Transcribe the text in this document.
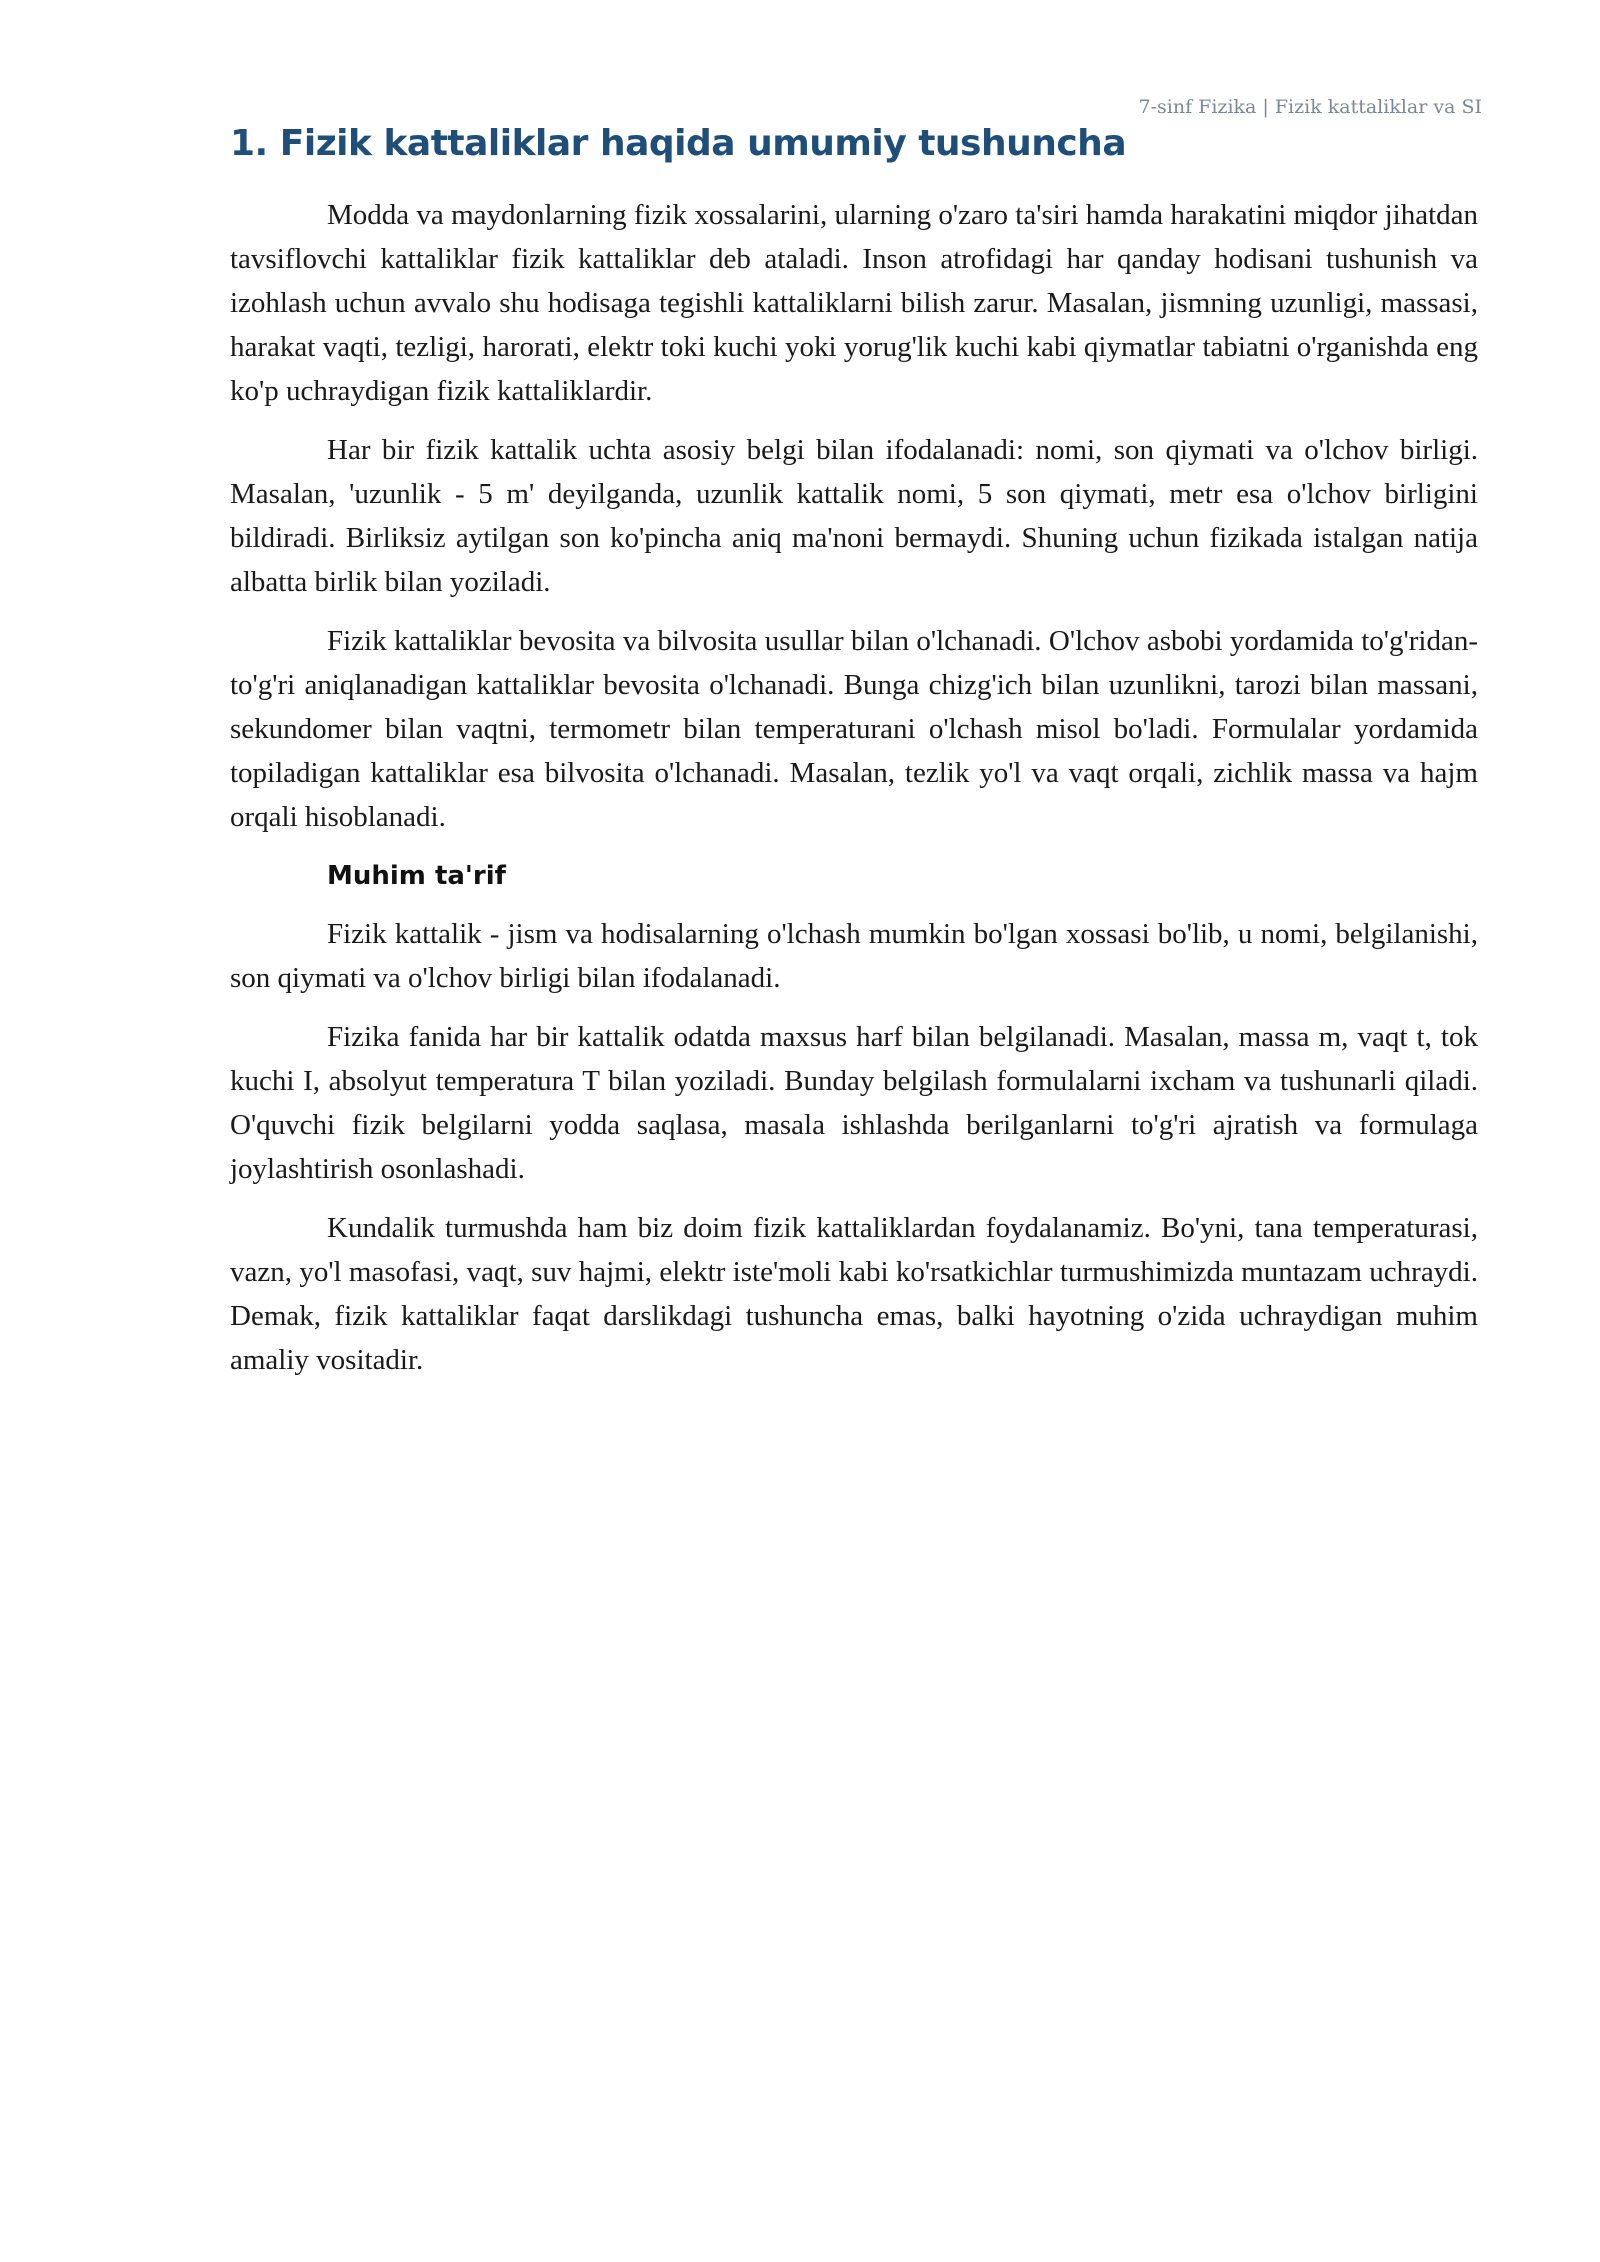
7-sinf Fizika | Fizik kattaliklar va SI
1. Fizik kattaliklar haqida umumiy tushuncha

Modda va maydonlarning fizik xossalarini, ularning o'zaro ta'siri hamda harakatini miqdor jihatdan tavsiflovchi kattaliklar fizik kattaliklar deb ataladi. Inson atrofidagi har qanday hodisani tushunish va izohlash uchun avvalo shu hodisaga tegishli kattaliklarni bilish zarur. Masalan, jismning uzunligi, massasi, harakat vaqti, tezligi, harorati, elektr toki kuchi yoki yorug'lik kuchi kabi qiymatlar tabiatni o'rganishda eng ko'p uchraydigan fizik kattaliklardir.

Har bir fizik kattalik uchta asosiy belgi bilan ifodalanadi: nomi, son qiymati va o'lchov birligi. Masalan, 'uzunlik - 5 m' deyilganda, uzunlik kattalik nomi, 5 son qiymati, metr esa o'lchov birligini bildiradi. Birliksiz aytilgan son ko'pincha aniq ma'noni bermaydi. Shuning uchun fizikada istalgan natija albatta birlik bilan yoziladi.

Fizik kattaliklar bevosita va bilvosita usullar bilan o'lchanadi. O'lchov asbobi yordamida to'g'ridan-to'g'ri aniqlanadigan kattaliklar bevosita o'lchanadi. Bunga chizg'ich bilan uzunlikni, tarozi bilan massani, sekundomer bilan vaqtni, termometr bilan temperaturani o'lchash misol bo'ladi. Formulalar yordamida topiladigan kattaliklar esa bilvosita o'lchanadi. Masalan, tezlik yo'l va vaqt orqali, zichlik massa va hajm orqali hisoblanadi.

Muhim ta'rif

Fizik kattalik - jism va hodisalarning o'lchash mumkin bo'lgan xossasi bo'lib, u nomi, belgilanishi, son qiymati va o'lchov birligi bilan ifodalanadi.

Fizika fanida har bir kattalik odatda maxsus harf bilan belgilanadi. Masalan, massa m, vaqt t, tok kuchi I, absolyut temperatura T bilan yoziladi. Bunday belgilash formulalarni ixcham va tushunarli qiladi. O'quvchi fizik belgilarni yodda saqlasa, masala ishlashda berilganlarni to'g'ri ajratish va formulaga joylashtirish osonlashadi.

Kundalik turmushda ham biz doim fizik kattaliklardan foydalanamiz. Bo'yni, tana temperaturasi, vazn, yo'l masofasi, vaqt, suv hajmi, elektr iste'moli kabi ko'rsatkichlar turmushimizda muntazam uchraydi. Demak, fizik kattaliklar faqat darslikdagi tushuncha emas, balki hayotning o'zida uchraydigan muhim amaliy vositadir.
